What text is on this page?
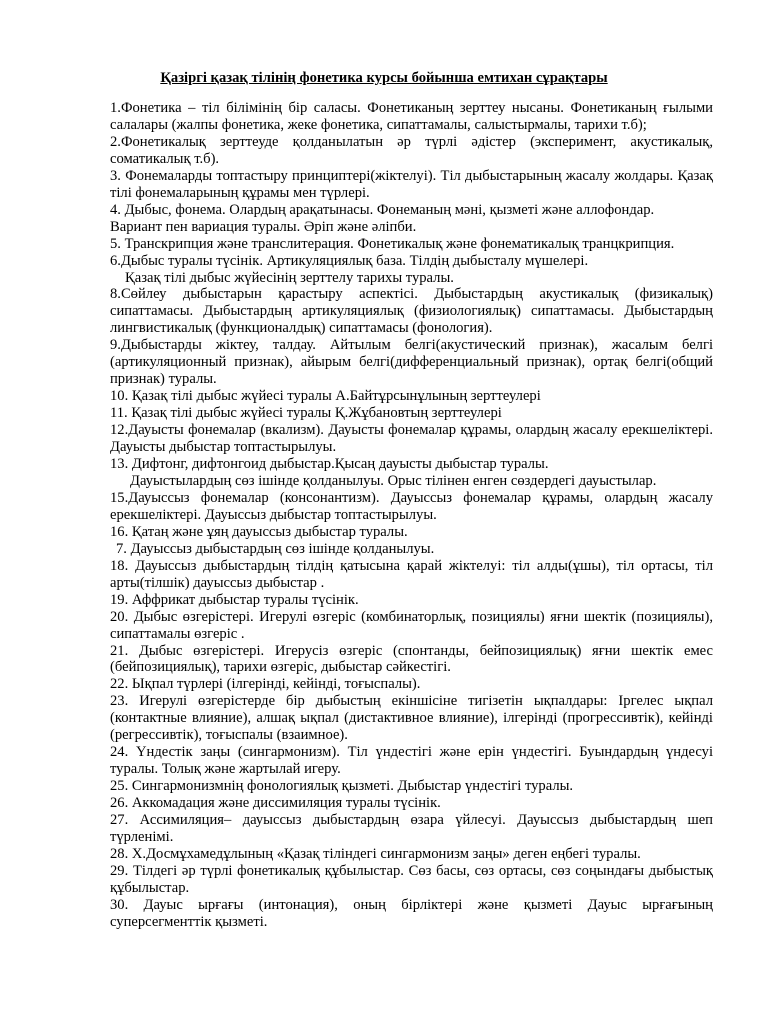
Қазіргі қазақ тілінің фонетика курсы бойынша емтихан сұрақтары

1.Фонетика – тіл білімінің бір саласы. Фонетиканың зерттеу нысаны. Фонетиканың ғылыми салалары (жалпы фонетика, жеке фонетика, сипаттамалы, салыстырмалы, тарихи т.б);

2.Фонетикалық зерттеуде қолданылатын әр түрлі әдістер (эксперимент, акустикалық, соматикалық т.б).

3. Фонемаларды топтастыру принциптері(жіктелуі). Тіл дыбыстарының жасалу жолдары. Қазақ тілі фонемаларының құрамы мен түрлері.

4. Дыбыс, фонема. Олардың арақатынасы. Фонеманың мәні, қызметі және аллофондар.

Вариант пен вариация туралы. Әріп және әліпби.

5. Транскрипция және транслитерация. Фонетикалық және фонематикалық транцкрипция.

6.Дыбыс туралы түсінік. Артикуляциялық база. Тілдің дыбысталу мүшелері.

Қазақ тілі дыбыс жүйесінің зерттелу тарихы туралы.

8.Сөйлеу дыбыстарын қарастыру аспектісі. Дыбыстардың акустикалық (физикалық) сипаттамасы. Дыбыстардың артикуляциялық (физиологиялық) сипаттамасы. Дыбыстардың лингвистикалық (функционалдық) сипаттамасы (фонология).

9.Дыбыстарды жіктеу, талдау. Айтылым белгі(акустический признак), жасалым белгі (артикуляционный признак), айырым белгі(дифференциальный признак), ортақ белгі(общий признак) туралы.

10. Қазақ тілі дыбыс жүйесі туралы А.Байтұрсынұлының зерттеулері

11. Қазақ тілі дыбыс жүйесі туралы Қ.Жұбановтың зерттеулері

12.Дауысты фонемалар (вкализм). Дауысты фонемалар құрамы, олардың жасалу ерекшеліктері. Дауысты дыбыстар топтастырылуы.

13. Дифтонг, дифтонгоид дыбыстар.Қысаң дауысты дыбыстар туралы.

Дауыстылардың сөз ішінде қолданылуы. Орыс тілінен енген сөздердегі дауыстылар.

15.Дауыссыз фонемалар (консонантизм). Дауыссыз фонемалар құрамы, олардың жасалу ерекшеліктері. Дауыссыз дыбыстар топтастырылуы.

16. Қатаң және ұяң дауыссыз дыбыстар туралы.

7. Дауыссыз дыбыстардың сөз ішінде қолданылуы.

18. Дауыссыз дыбыстардың тілдің қатысына қарай жіктелуі: тіл алды(ұшы), тіл ортасы, тіл арты(тілшік) дауыссыз дыбыстар .

19. Аффрикат дыбыстар туралы түсінік.

20. Дыбыс өзгерістері. Игерулі өзгеріс (комбинаторлық, позициялы) яғни шектік (позициялы), сипаттамалы өзгеріс .

21. Дыбыс өзгерістері. Игерусіз өзгеріс (спонтанды, бейпозициялық) яғни шектік емес (бейпозициялық), тарихи өзгеріс, дыбыстар сәйкестігі.

22. Ықпал түрлері (ілгерінді, кейінді, тоғыспалы).

23. Игерулі өзгерістерде бір дыбыстың екіншісіне тигізетін ықпалдары: Іргелес ықпал (контактные влияние), алшақ ықпал (дистактивное влияние), ілгерінді (прогрессивтік), кейінді (регрессивтік), тоғыспалы (взаимное).

24. Үндестік заңы (сингармонизм). Тіл үндестігі және ерін үндестігі. Буындардың үндесуі туралы. Толық және жартылай игеру.

25. Сингармонизмнің фонологиялық қызметі. Дыбыстар үндестігі туралы.

26. Аккомадация және диссимиляция туралы түсінік.

27. Ассимиляция– дауыссыз дыбыстардың өзара үйлесуі. Дауыссыз дыбыстардың шеп түрленімі.

28. Х.Досмұхамедұлының «Қазақ тіліндегі сингармонизм заңы» деген еңбегі туралы.

29. Тілдегі әр түрлі фонетикалық құбылыстар. Сөз басы, сөз ортасы, сөз соңындағы дыбыстық құбылыстар.

30. Дауыс ырғағы (интонация), оның бірліктері және қызметі Дауыс ырғағының суперсегменттік қызметі.
